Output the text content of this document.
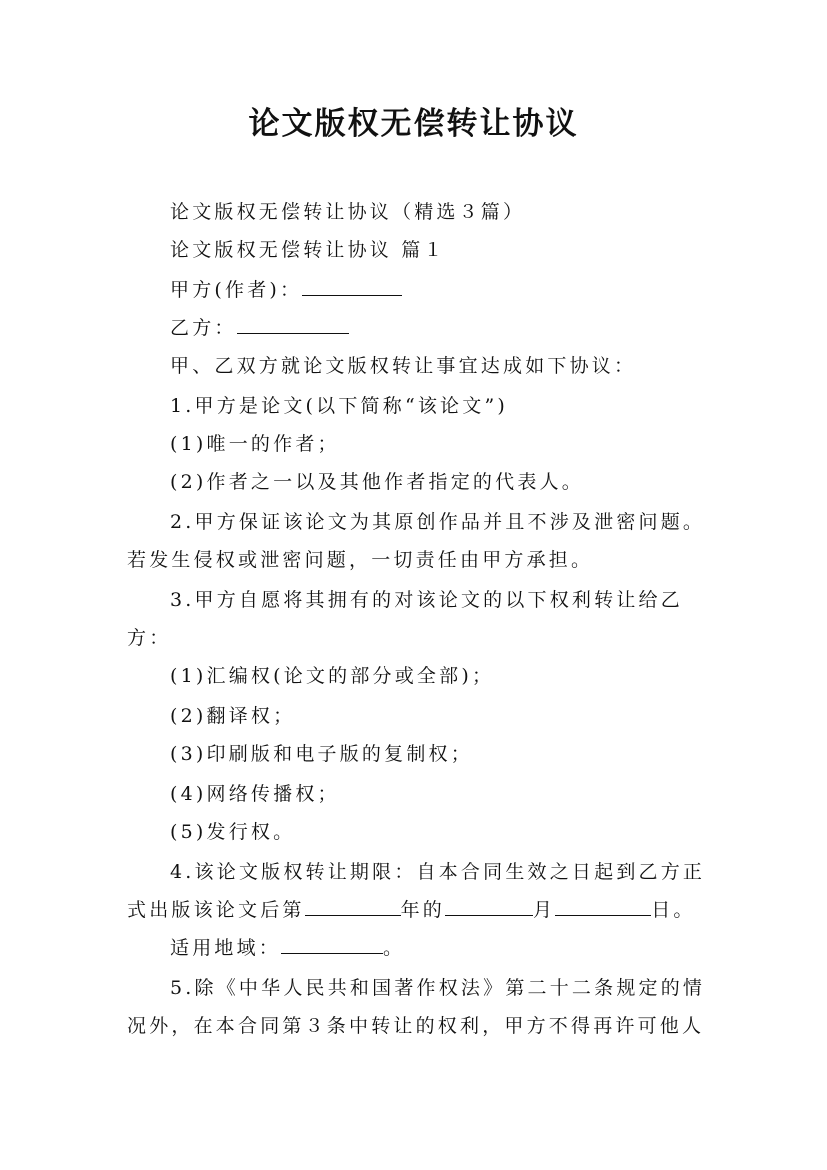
论文版权无偿转让协议
论文版权无偿转让协议（精选３篇）
论文版权无偿转让协议 篇１
甲方(作者)：
乙方：
甲、乙双方就论文版权转让事宜达成如下协议：
1.甲方是论文(以下简称“该论文”)
(1)唯一的作者；
(2)作者之一以及其他作者指定的代表人。
2.甲方保证该论文为其原创作品并且不涉及泄密问题。
若发生侵权或泄密问题，一切责任由甲方承担。
3.甲方自愿将其拥有的对该论文的以下权利转让给乙
方：
(1)汇编权(论文的部分或全部)；
(2)翻译权；
(3)印刷版和电子版的复制权；
(4)网络传播权；
(5)发行权。
4.该论文版权转让期限：自本合同生效之日起到乙方正
式出版该论文后第	年的	月	日。
适用地域：	。
5.除《中华人民共和国著作权法》第二十二条规定的情
况外，在本合同第３条中转让的权利，甲方不得再许可他人
